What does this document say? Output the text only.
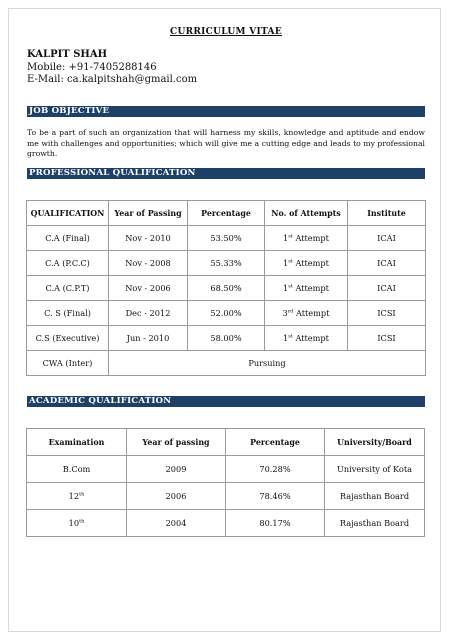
CURRICULUM VITAE
KALPIT SHAH
Mobile: +91-7405288146
E-Mail: ca.kalpitshah@gmail.com
JOB OBJECTIVE
To be a part of such an organization that will harness my skills, knowledge and aptitude and endow me with challenges and opportunities; which will give me a cutting edge and leads to my professional growth.
PROFESSIONAL QUALIFICATION
QUALIFICATION	Year of Passing	Percentage	No. of Attempts	Institute
C.A (Final)	Nov - 2010	53.50%	1st Attempt	ICAI
C.A (P.C.C)	Nov - 2008	55.33%	1st Attempt	ICAI
C.A (C.P.T)	Nov - 2006	68.50%	1st Attempt	ICAI
C. S (Final)	Dec - 2012	52.00%	3rd Attempt	ICSI
C.S (Executive)	Jun - 2010	58.00%	1st Attempt	ICSI
CWA (Inter)	Pursuing			
ACADEMIC QUALIFICATION
Examination	Year of passing	Percentage	University/Board
B.Com	2009	70.28%	University of Kota
12th	2006	78.46%	Rajasthan Board
10th	2004	80.17%	Rajasthan Board
